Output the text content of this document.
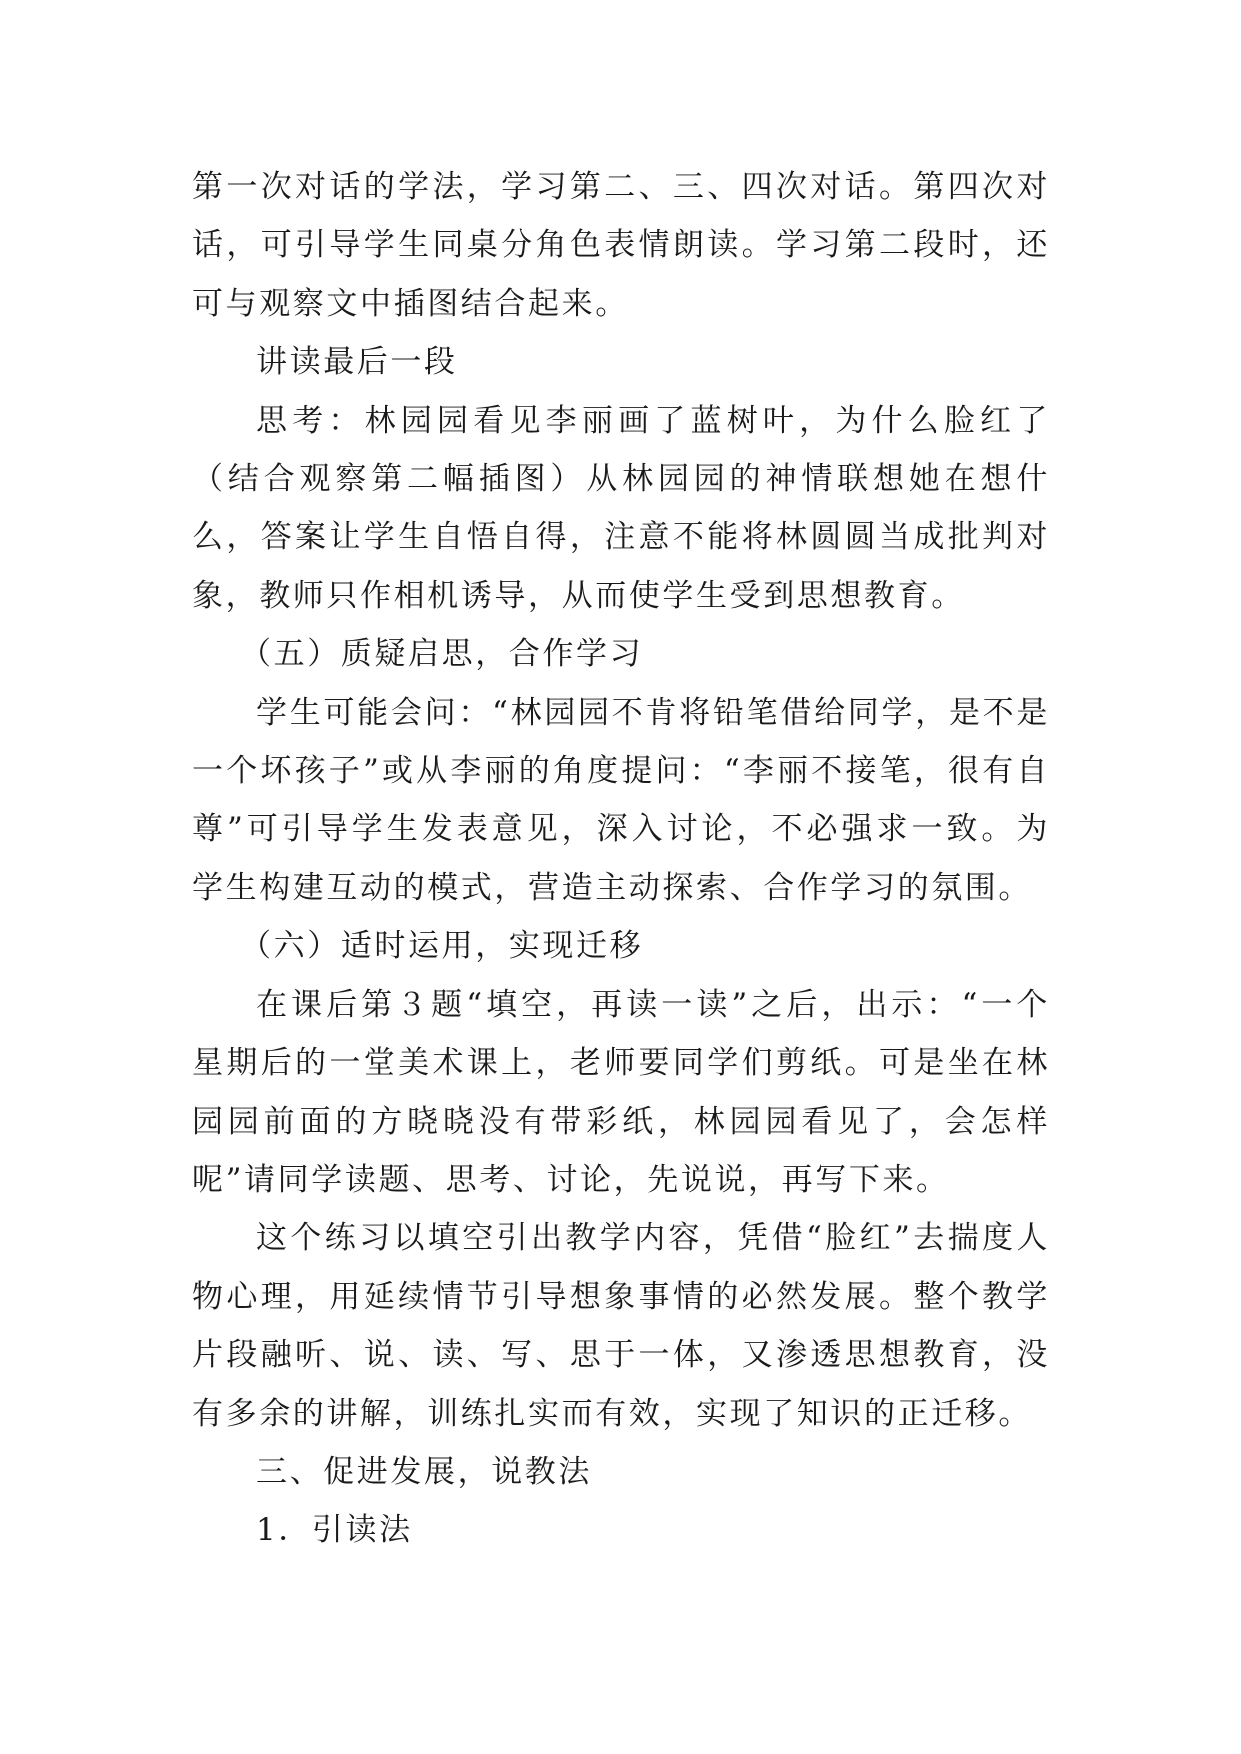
第一次对话的学法，学习第二、三、四次对话。第四次对话，可引导学生同桌分角色表情朗读。学习第二段时，还可与观察文中插图结合起来。

讲读最后一段

思考：林园园看见李丽画了蓝树叶，为什么脸红了（结合观察第二幅插图）从林园园的神情联想她在想什么，答案让学生自悟自得，注意不能将林圆圆当成批判对象，教师只作相机诱导，从而使学生受到思想教育。

（五）质疑启思，合作学习

学生可能会问：“林园园不肯将铅笔借给同学，是不是一个坏孩子”或从李丽的角度提问：“李丽不接笔，很有自尊”可引导学生发表意见，深入讨论，不必强求一致。为学生构建互动的模式，营造主动探索、合作学习的氛围。

（六）适时运用，实现迁移

在课后第３题“填空，再读一读”之后，出示：“一个星期后的一堂美术课上，老师要同学们剪纸。可是坐在林园园前面的方晓晓没有带彩纸，林园园看见了，会怎样呢”请同学读题、思考、讨论，先说说，再写下来。

这个练习以填空引出教学内容，凭借“脸红”去揣度人物心理，用延续情节引导想象事情的必然发展。整个教学片段融听、说、读、写、思于一体，又渗透思想教育，没有多余的讲解，训练扎实而有效，实现了知识的正迁移。

三、促进发展，说教法

1．引读法
